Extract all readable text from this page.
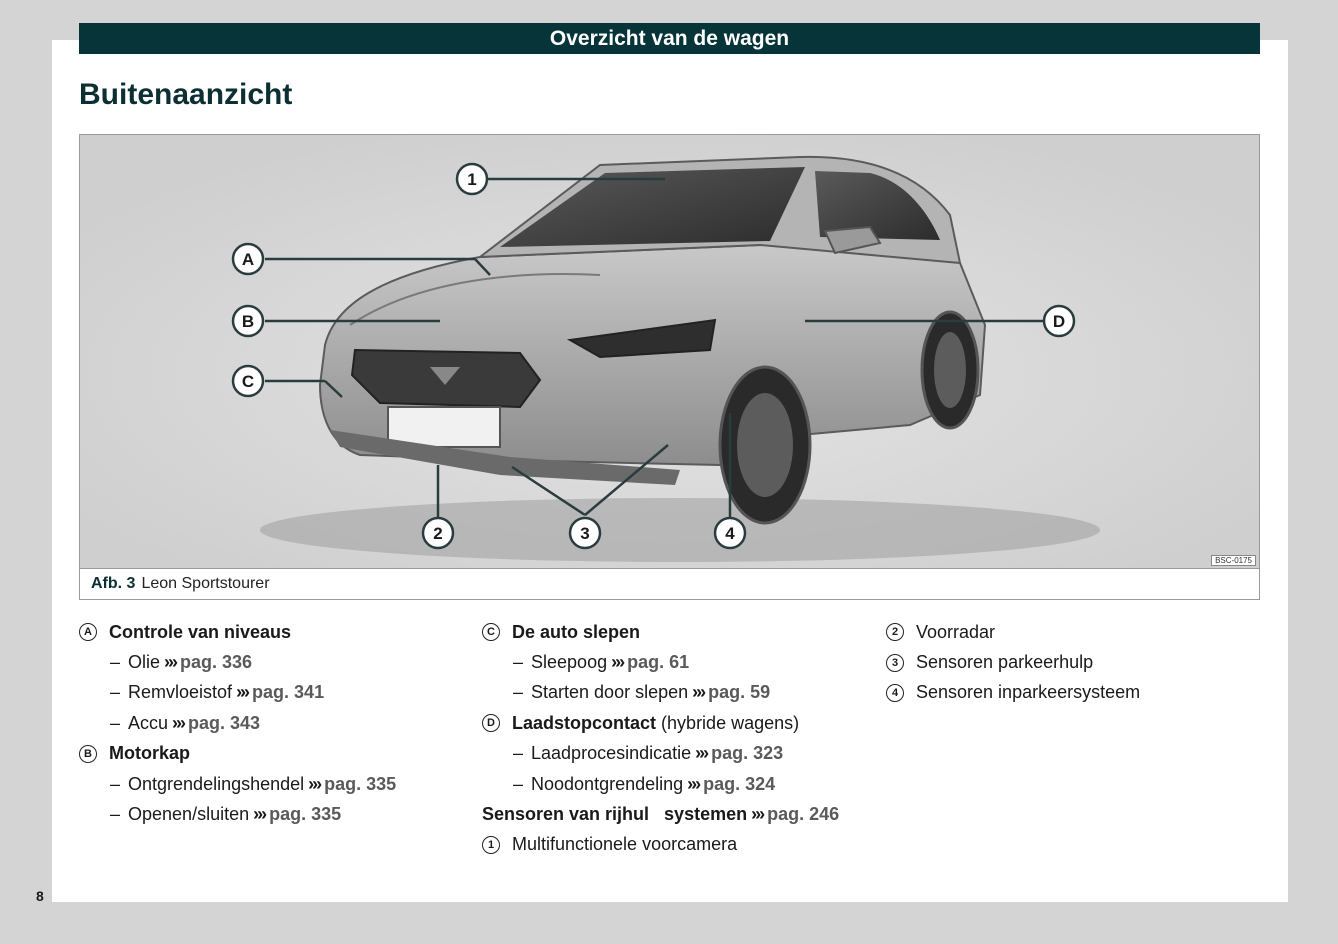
Overzicht van de wagen
Buitenaanzicht
1
A
B
C
D
2	3	4
BSC-0175
Afb. 3 Leon Sportstourer
A Controle van niveaus
– Olie ››› pag. 336
– Remvloeistof ››› pag. 341
– Accu ››› pag. 343
B Motorkap
– Ontgrendelingshendel ››› pag. 335
– Openen/sluiten ››› pag. 335
C De auto slepen
– Sleepoog ››› pag. 61
– Starten door slepen ››› pag. 59
D Laadstopcontact
(hybride wagens)
– Laadprocesindicatie ››› pag. 323
– Noodontgrendeling ››› pag. 324
Sensoren van rijhul   systemen ››› pag. 246
1 Multifunctionele voorcamera
2 Voorradar
3 Sensoren parkeerhulp
4 Sensoren inparkeersysteem
8
